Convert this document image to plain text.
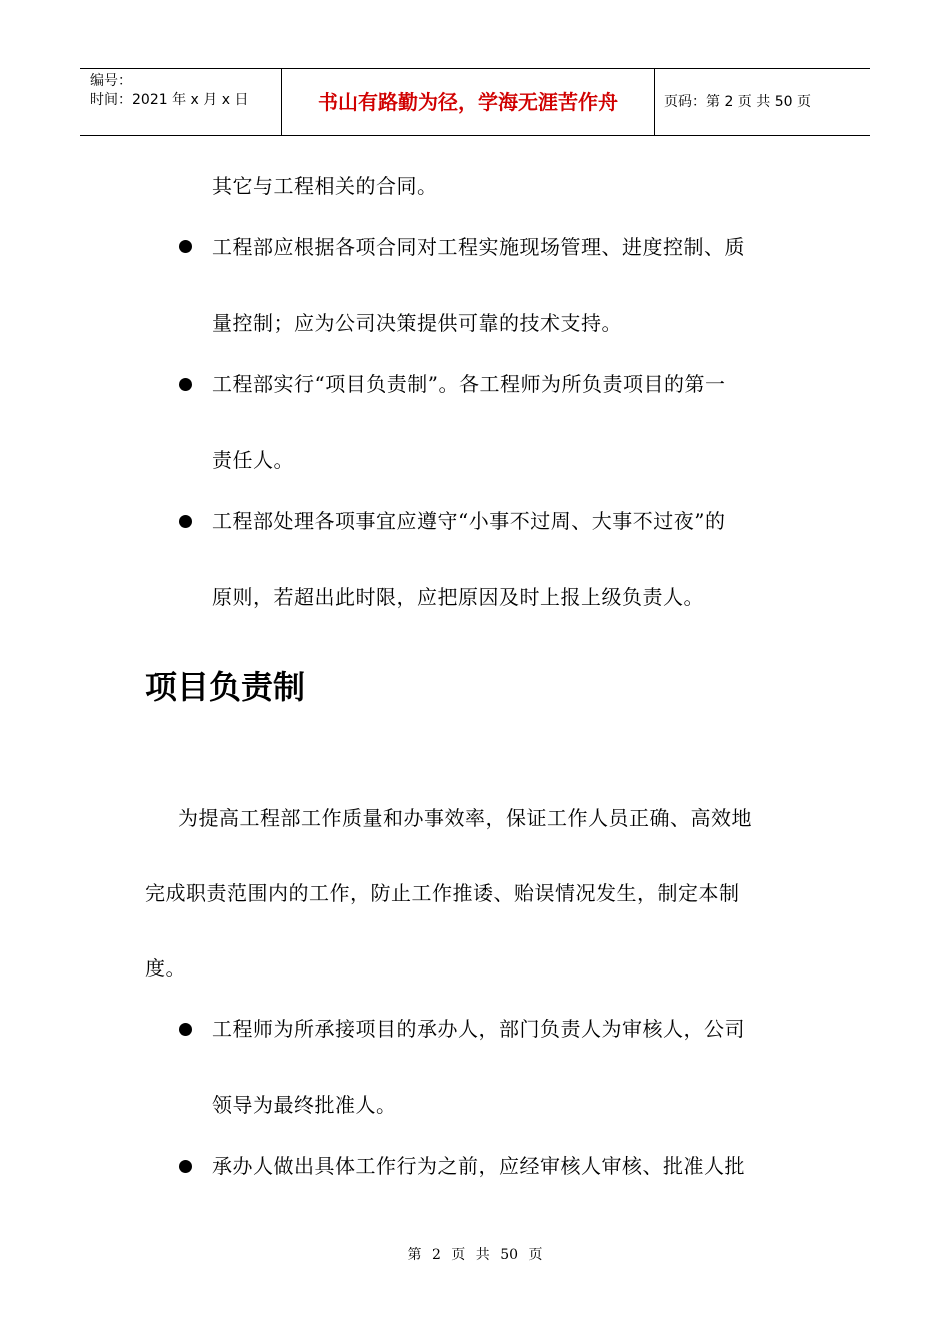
编号：
时间：2021 年 x 月 x 日	书山有路勤为径，学海无涯苦作舟	页码：第 2 页 共 50 页
其它与工程相关的合同。
工程部应根据各项合同对工程实施现场管理、进度控制、质
量控制；应为公司决策提供可靠的技术支持。
工程部实行“项目负责制”。各工程师为所负责项目的第一
责任人。
工程部处理各项事宜应遵守“小事不过周、大事不过夜”的
原则，若超出此时限，应把原因及时上报上级负责人。
项目负责制
为提高工程部工作质量和办事效率，保证工作人员正确、高效地
完成职责范围内的工作，防止工作推诿、贻误情况发生，制定本制
度。
工程师为所承接项目的承办人，部门负责人为审核人，公司
领导为最终批准人。
承办人做出具体工作行为之前，应经审核人审核、批准人批
第 2 页 共 50 页
